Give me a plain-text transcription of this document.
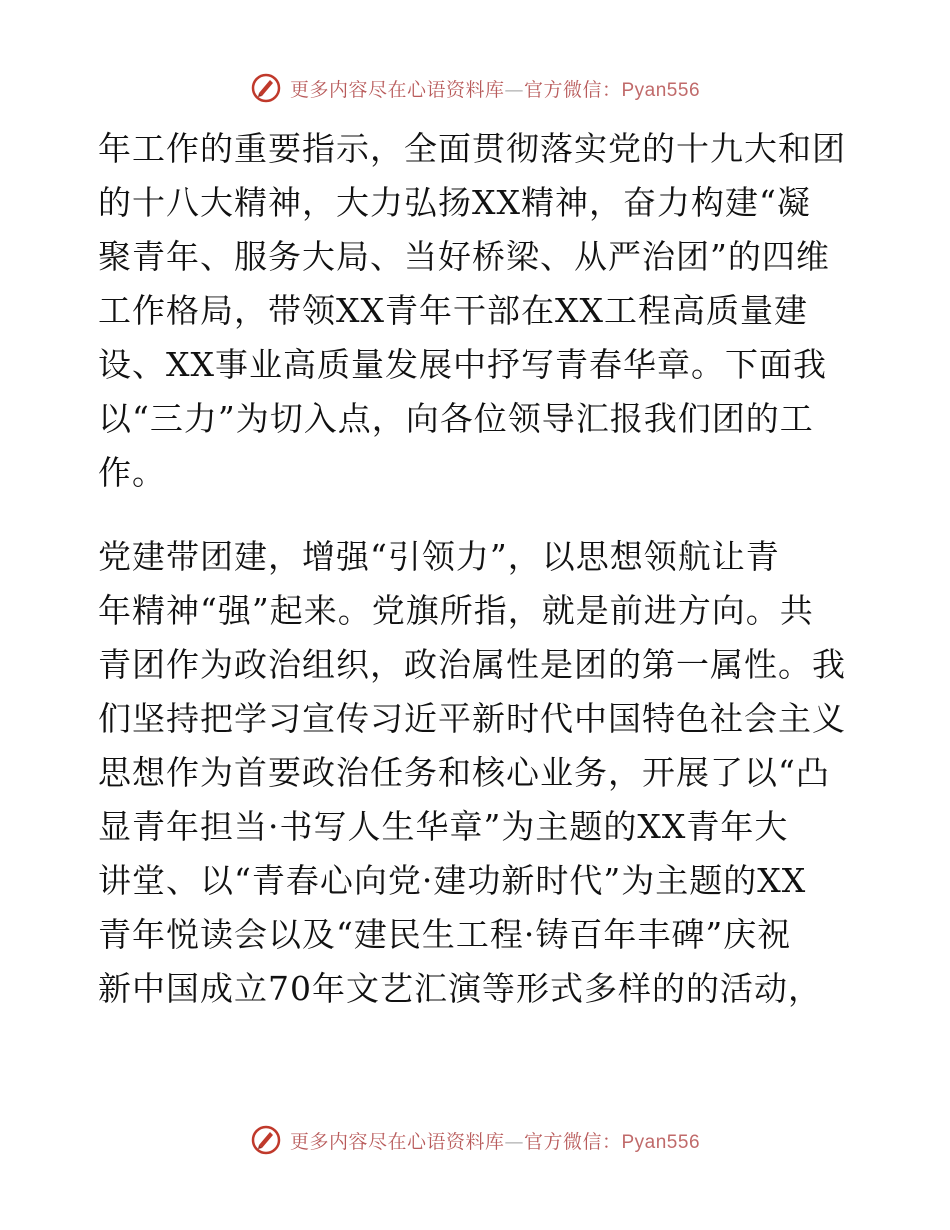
更多内容尽在心语资料库—官方微信：Pyan556
年工作的重要指示，全面贯彻落实党的十九大和团
的十八大精神，大力弘扬XX精神，奋力构建“凝
聚青年、服务大局、当好桥梁、从严治团”的四维
工作格局，带领XX青年干部在XX工程高质量建
设、XX事业高质量发展中抒写青春华章。下面我
以“三力”为切入点，向各位领导汇报我们团的工
作。
党建带团建，增强“引领力”，以思想领航让青
年精神“强”起来。党旗所指，就是前进方向。共
青团作为政治组织，政治属性是团的第一属性。我
们坚持把学习宣传习近平新时代中国特色社会主义
思想作为首要政治任务和核心业务，开展了以“凸
显青年担当·书写人生华章”为主题的XX青年大
讲堂、以“青春心向党·建功新时代”为主题的XX
青年悦读会以及“建民生工程·铸百年丰碑”庆祝
新中国成立70年文艺汇演等形式多样的的活动，
更多内容尽在心语资料库—官方微信：Pyan556
